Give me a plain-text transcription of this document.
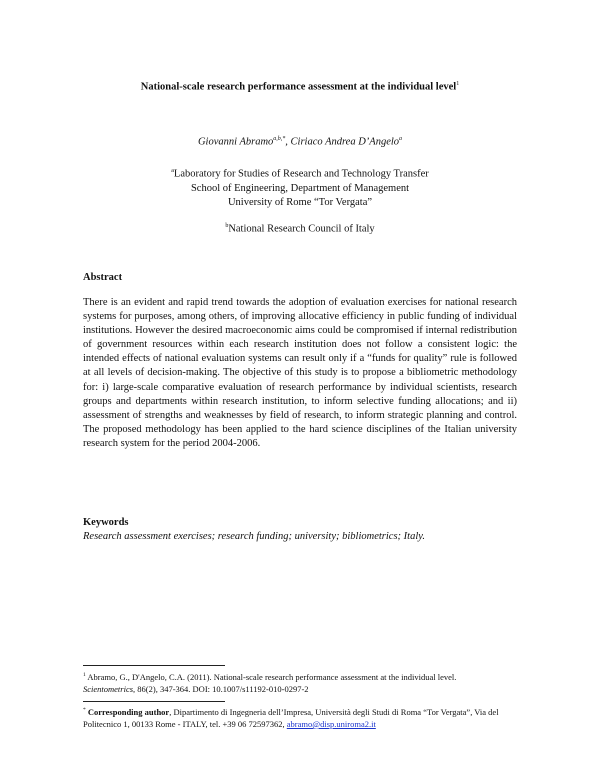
National-scale research performance assessment at the individual level$^1$
Giovanni Abramo$^{a,b,*}$, Ciriaco Andrea D’Angelo$^a$
$^a$Laboratory for Studies of Research and Technology Transfer
School of Engineering, Department of Management
University of Rome “Tor Vergata”
$^b$National Research Council of Italy
Abstract
There is an evident and rapid trend towards the adoption of evaluation exercises for national research systems for purposes, among others, of improving allocative efficiency in public funding of individual institutions. However the desired macroeconomic aims could be compromised if internal redistribution of government resources within each research institution does not follow a consistent logic: the intended effects of national evaluation systems can result only if a “funds for quality” rule is followed at all levels of decision-making. The objective of this study is to propose a bibliometric methodology for: i) large-scale comparative evaluation of research performance by individual scientists, research groups and departments within research institution, to inform selective funding allocations; and ii) assessment of strengths and weaknesses by field of research, to inform strategic planning and control. The proposed methodology has been applied to the hard science disciplines of the Italian university research system for the period 2004-2006.
Keywords
Research assessment exercises; research funding; university; bibliometrics; Italy.
$^1$ Abramo, G., D'Angelo, C.A. (2011). National-scale research performance assessment at the individual level.
Scientometrics, 86(2), 347-364. DOI: 10.1007/s11192-010-0297-2
* Corresponding author, Dipartimento di Ingegneria dell’Impresa, Università degli Studi di Roma “Tor Vergata”, Via del Politecnico 1, 00133 Rome - ITALY, tel. +39 06 72597362, abramo@disp.uniroma2.it
